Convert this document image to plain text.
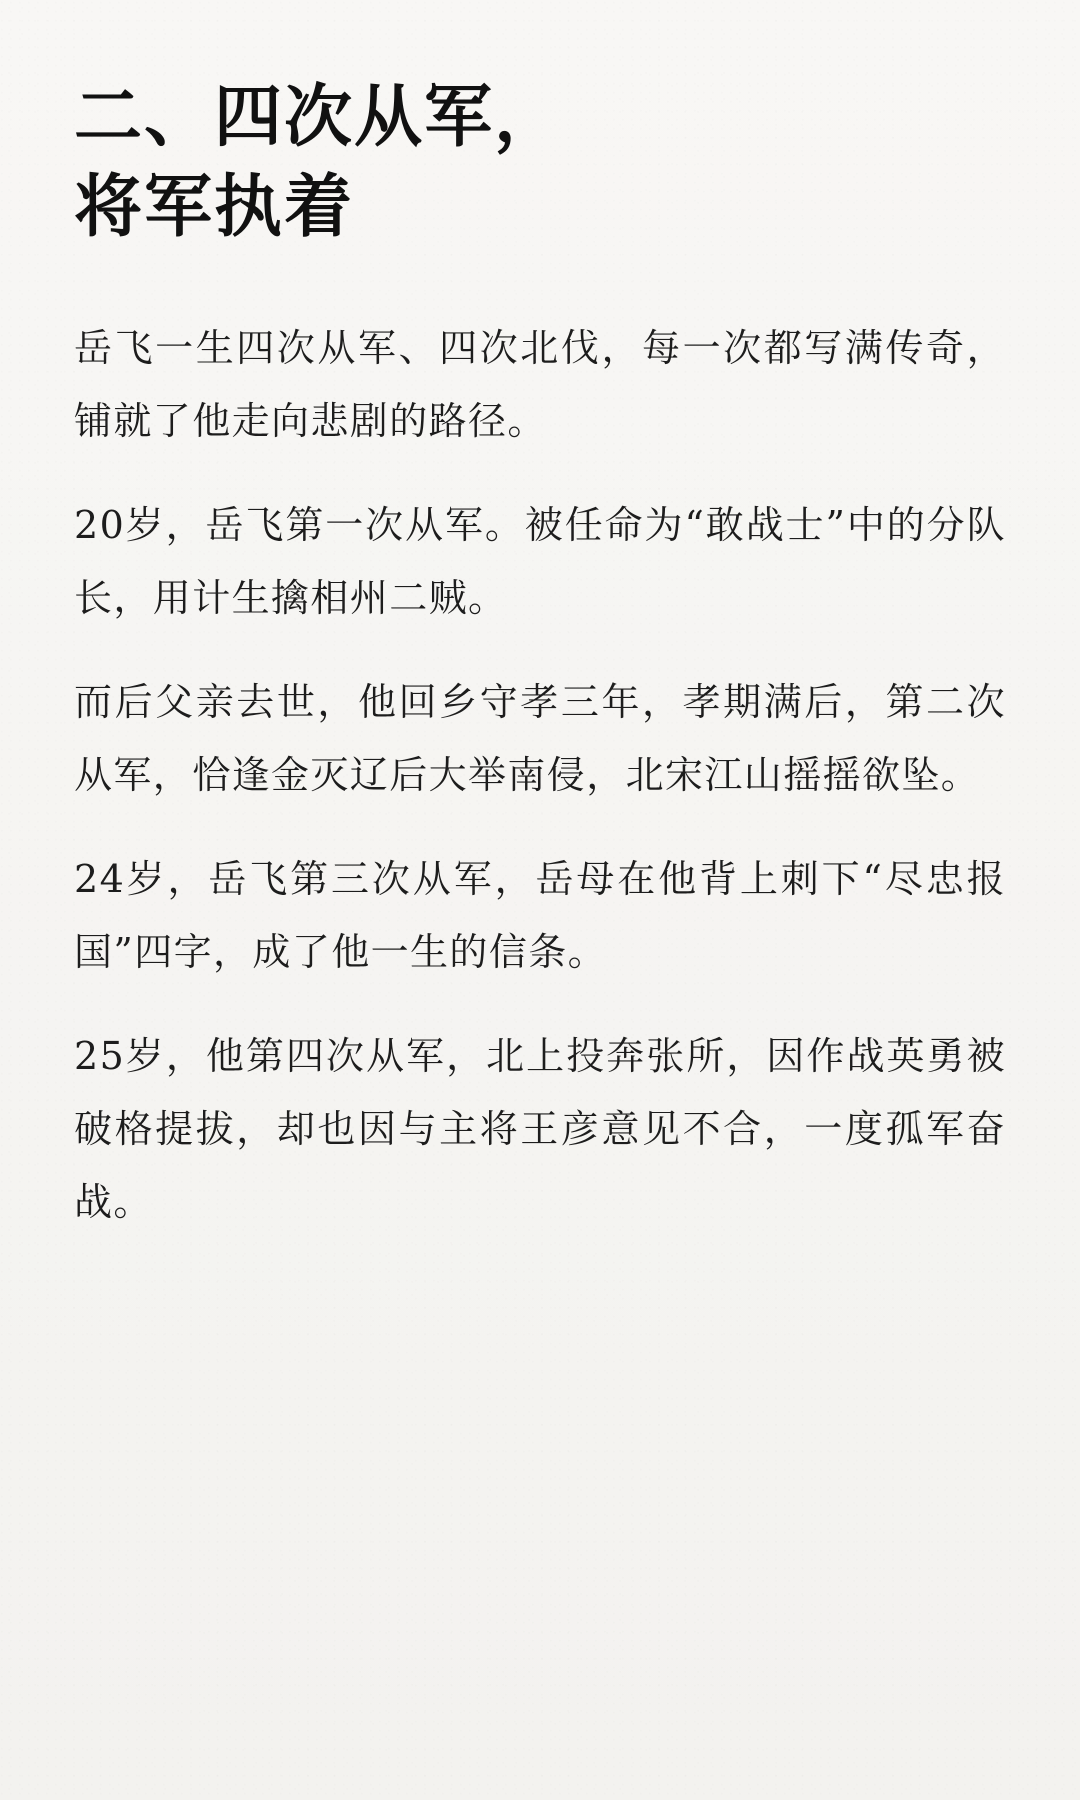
二、四次从军，
将军执着

岳飞一生四次从军、四次北伐，每一次都写满传奇，铺就了他走向悲剧的路径。

20岁，岳飞第一次从军。被任命为“敢战士”中的分队长，用计生擒相州二贼。

而后父亲去世，他回乡守孝三年，孝期满后，第二次从军，恰逢金灭辽后大举南侵，北宋江山摇摇欲坠。

24岁，岳飞第三次从军，岳母在他背上刺下“尽忠报国”四字，成了他一生的信条。

25岁，他第四次从军，北上投奔张所，因作战英勇被破格提拔，却也因与主将王彦意见不合，一度孤军奋战。
